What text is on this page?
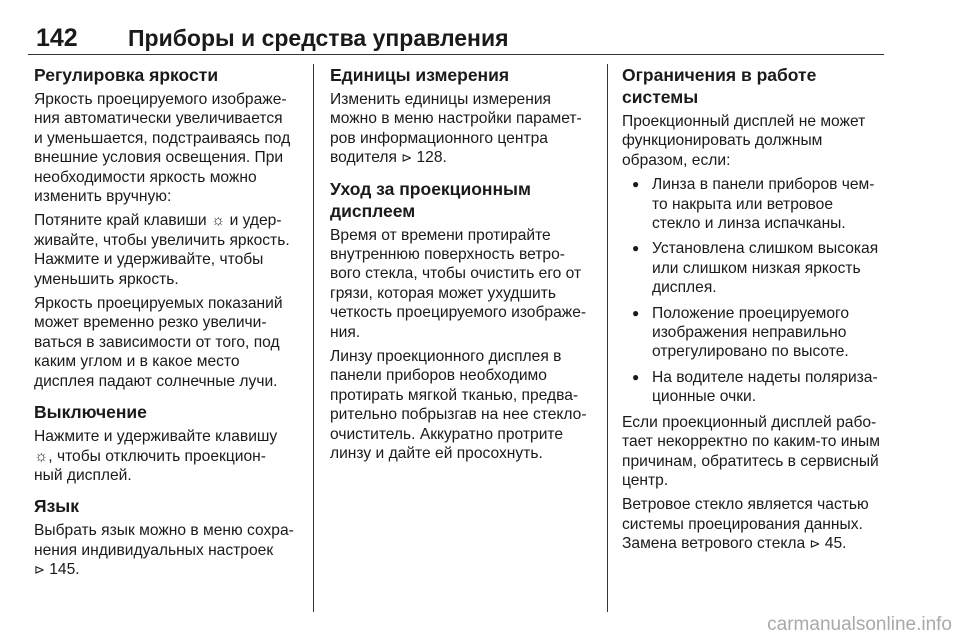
142 Приборы и средства управления
Регулировка яркости

Яркость проецируемого изображе-
ния автоматически увеличивается
и уменьшается, подстраиваясь под
внешние условия освещения. При
необходимости яркость можно
изменить вручную:

Потяните край клавиши ☼ и удер-
живайте, чтобы увеличить яркость.
Нажмите и удерживайте, чтобы
уменьшить яркость.

Яркость проецируемых показаний
может временно резко увеличи-
ваться в зависимости от того, под
каким углом и в какое место
дисплея падают солнечные лучи.

Выключение

Нажмите и удерживайте клавишу
☼, чтобы отключить проекцион-
ный дисплей.

Язык

Выбрать язык можно в меню сохра-
нения индивидуальных настроек
⊳ 145.

Единицы измерения

Изменить единицы измерения
можно в меню настройки парамет-
ров информационного центра
водителя ⊳ 128.

Уход за проекционным
дисплеем

Время от времени протирайте
внутреннюю поверхность ветро-
вого стекла, чтобы очистить его от
грязи, которая может ухудшить
четкость проецируемого изображе-
ния.

Линзу проекционного дисплея в
панели приборов необходимо
протирать мягкой тканью, предва-
рительно побрызгав на нее стекло-
очиститель. Аккуратно протрите
линзу и дайте ей просохнуть.

Ограничения в работе системы

Проекционный дисплей не может
функционировать должным
образом, если:

● Линза в панели приборов чем-
то накрыта или ветровое
стекло и линза испачканы.
● Установлена слишком высокая
или слишком низкая яркость
дисплея.
● Положение проецируемого
изображения неправильно
отрегулировано по высоте.
● На водителе надеты поляриза-
ционные очки.

Если проекционный дисплей рабо-
тает некорректно по каким-то иным
причинам, обратитесь в сервисный
центр.

Ветровое стекло является частью
системы проецирования данных.
Замена ветрового стекла ⊳ 45.

carmanualsonline.info
